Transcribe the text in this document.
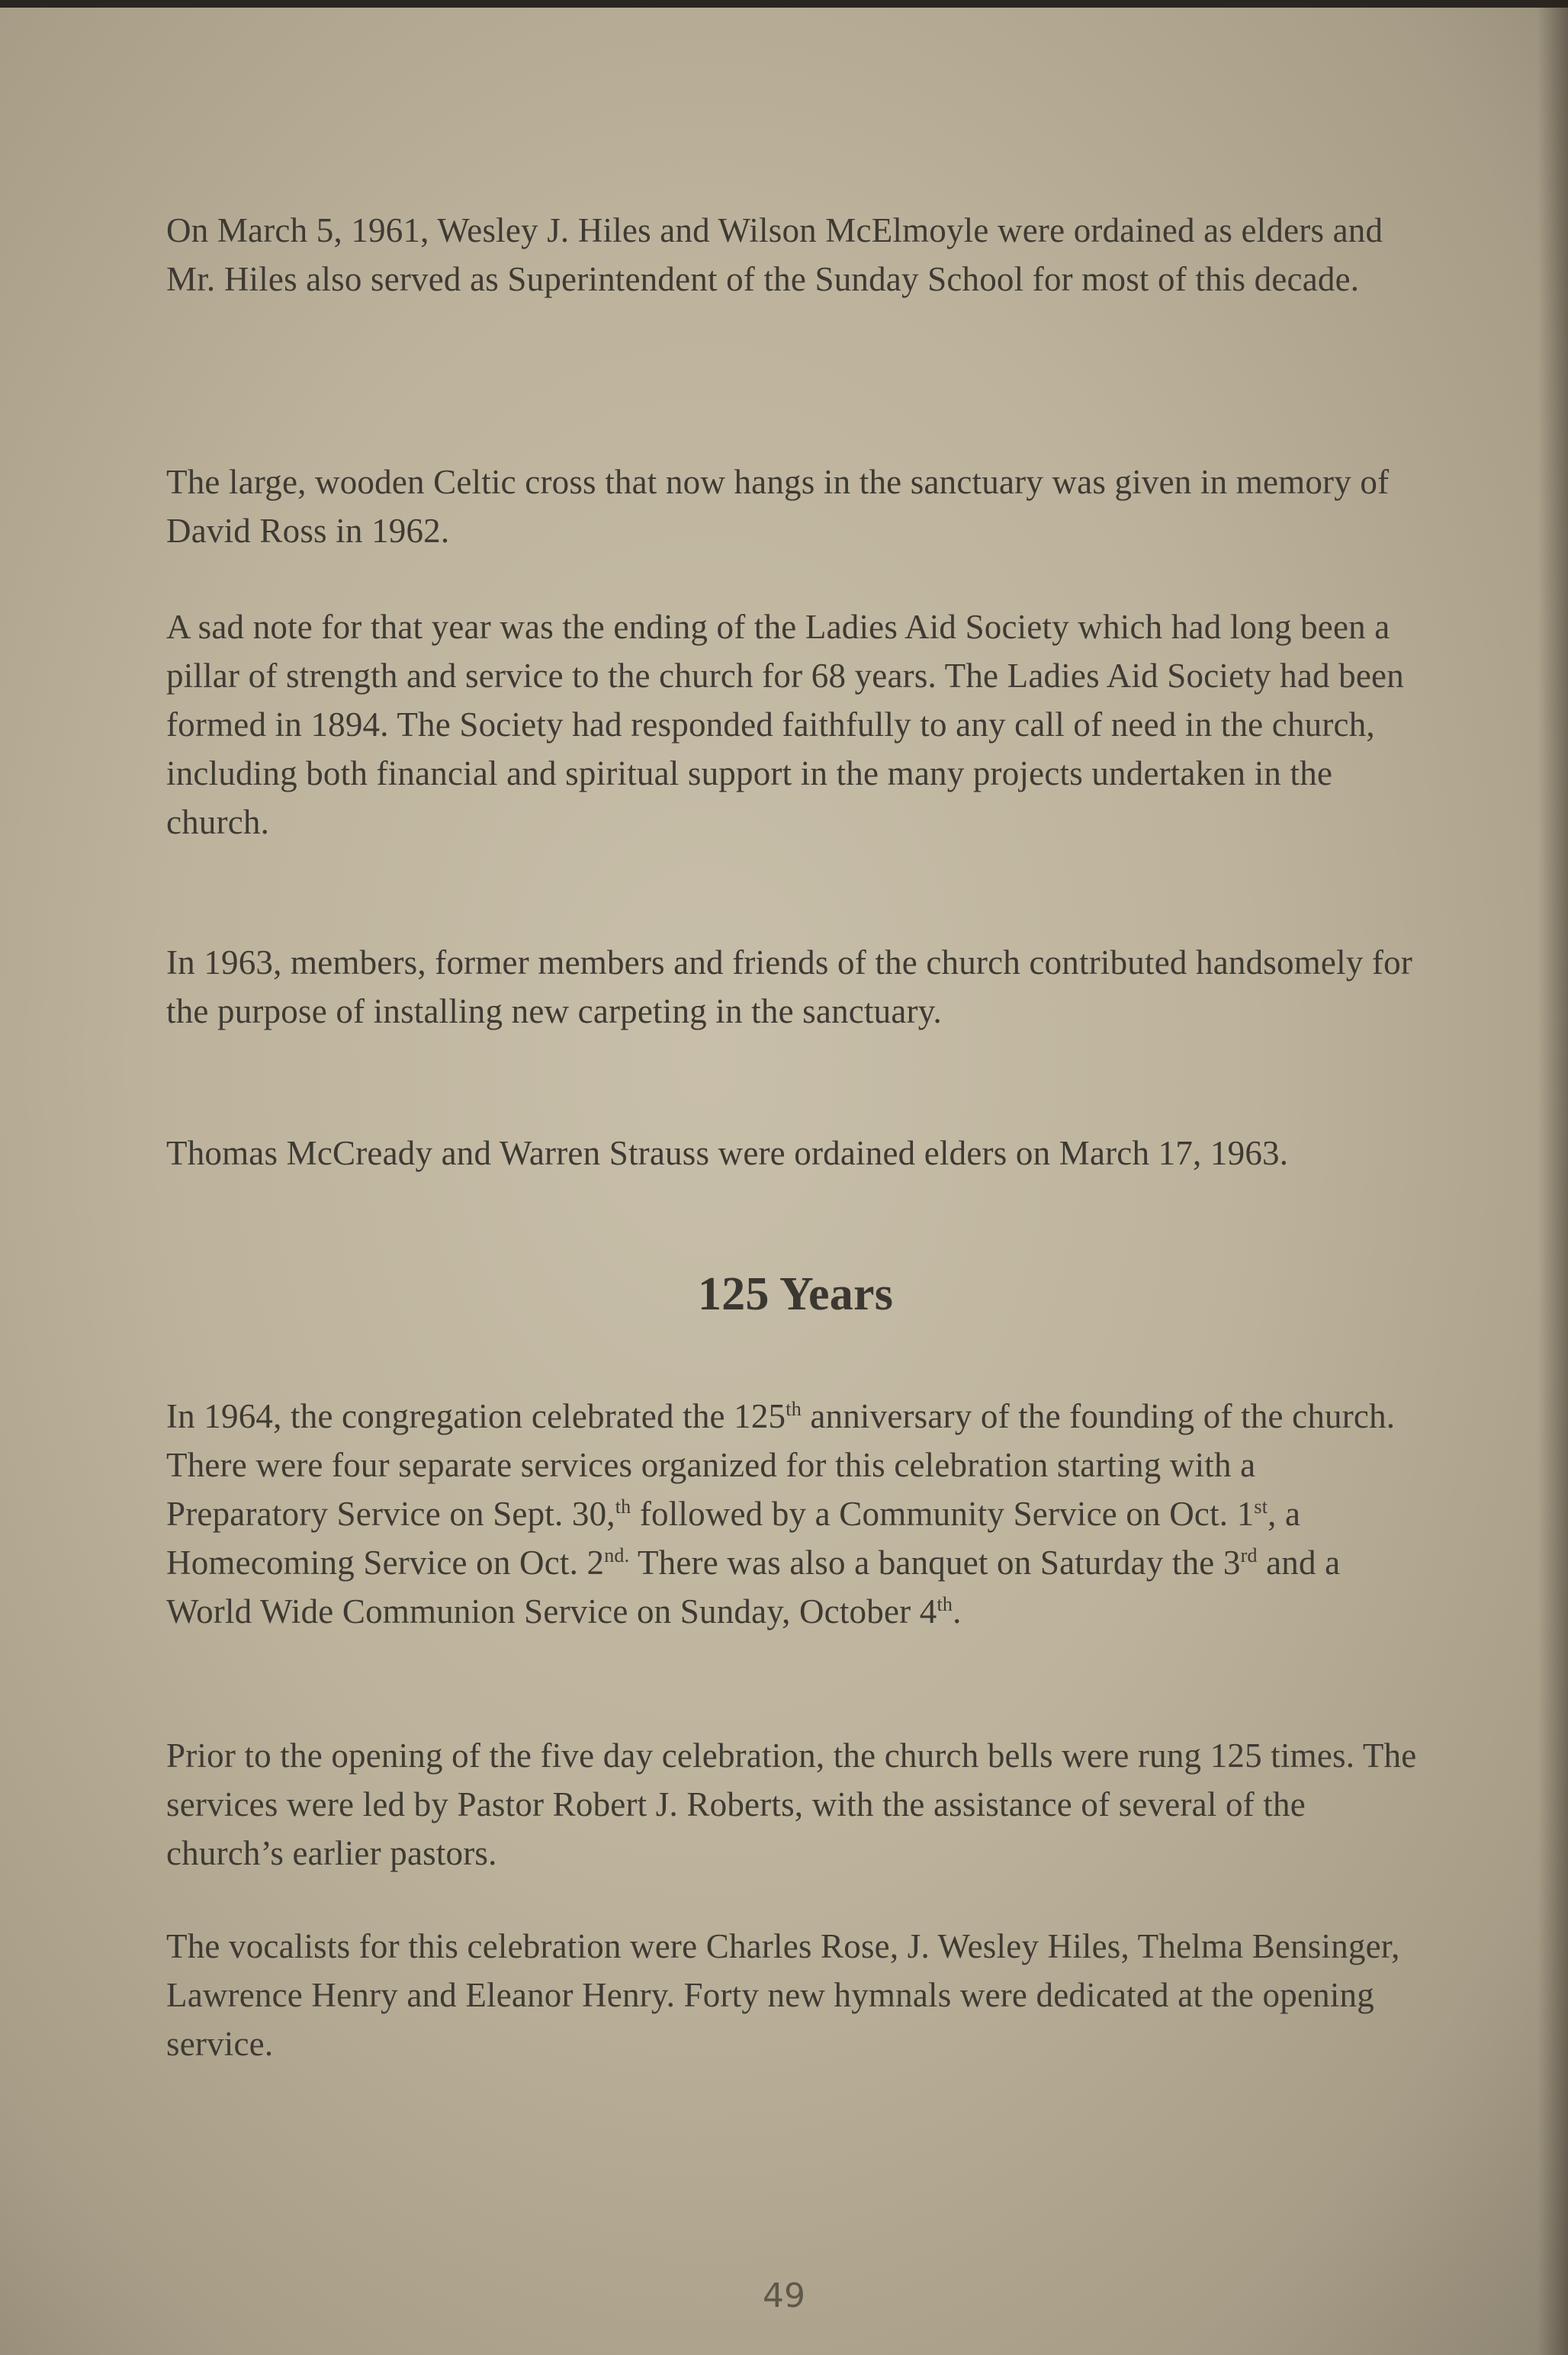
On March 5, 1961, Wesley J. Hiles and Wilson McElmoyle were ordained as elders and Mr. Hiles also served as Superintendent of the Sunday School for most of this decade.

The large, wooden Celtic cross that now hangs in the sanctuary was given in memory of David Ross in 1962.

A sad note for that year was the ending of the Ladies Aid Society which had long been a pillar of strength and service to the church for 68 years. The Ladies Aid Society had been formed in 1894. The Society had responded faithfully to any call of need in the church, including both financial and spiritual support in the many projects undertaken in the church.

In 1963, members, former members and friends of the church contributed handsomely for the purpose of installing new carpeting in the sanctuary.

Thomas McCready and Warren Strauss were ordained elders on March 17, 1963.

125 Years

In 1964, the congregation celebrated the 125th anniversary of the founding of the church. There were four separate services organized for this celebration starting with a Preparatory Service on Sept. 30,$^{th}$ followed by a Community Service on Oct. 1st, a Homecoming Service on Oct. $2^{nd.}$ There was also a banquet on Saturday the 3rd and a World Wide Communion Service on Sunday, October 4th.

Prior to the opening of the five day celebration, the church bells were rung 125 times. The services were led by Pastor Robert J. Roberts, with the assistance of several of the church’s earlier pastors.

The vocalists for this celebration were Charles Rose, J. Wesley Hiles, Thelma Bensinger, Lawrence Henry and Eleanor Henry. Forty new hymnals were dedicated at the opening service.

49
